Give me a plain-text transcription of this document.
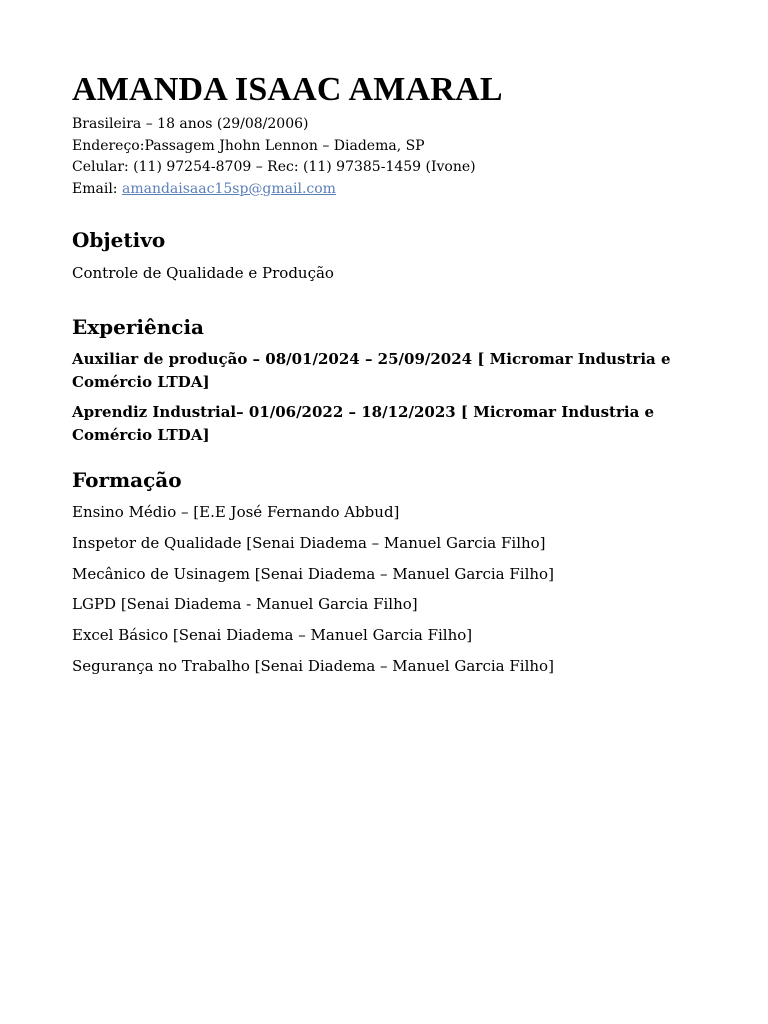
AMANDA ISAAC AMARAL
Brasileira – 18 anos (29/08/2006)
Endereço:Passagem Jhohn Lennon – Diadema, SP
Celular: (11) 97254-8709 – Rec: (11) 97385-1459 (Ivone)
Email: amandaisaac15sp@gmail.com
Objetivo
Controle de Qualidade e Produção
Experiência
Auxiliar de produção – 08/01/2024 – 25/09/2024 [ Micromar Industria e Comércio LTDA]
Aprendiz Industrial– 01/06/2022 – 18/12/2023 [ Micromar Industria e Comércio LTDA]
Formação
Ensino Médio – [E.E José Fernando Abbud]
Inspetor de Qualidade [Senai Diadema – Manuel Garcia Filho]
Mecânico de Usinagem [Senai Diadema – Manuel Garcia Filho]
LGPD [Senai Diadema - Manuel Garcia Filho]
Excel Básico [Senai Diadema – Manuel Garcia Filho]
Segurança no Trabalho [Senai Diadema – Manuel Garcia Filho]
